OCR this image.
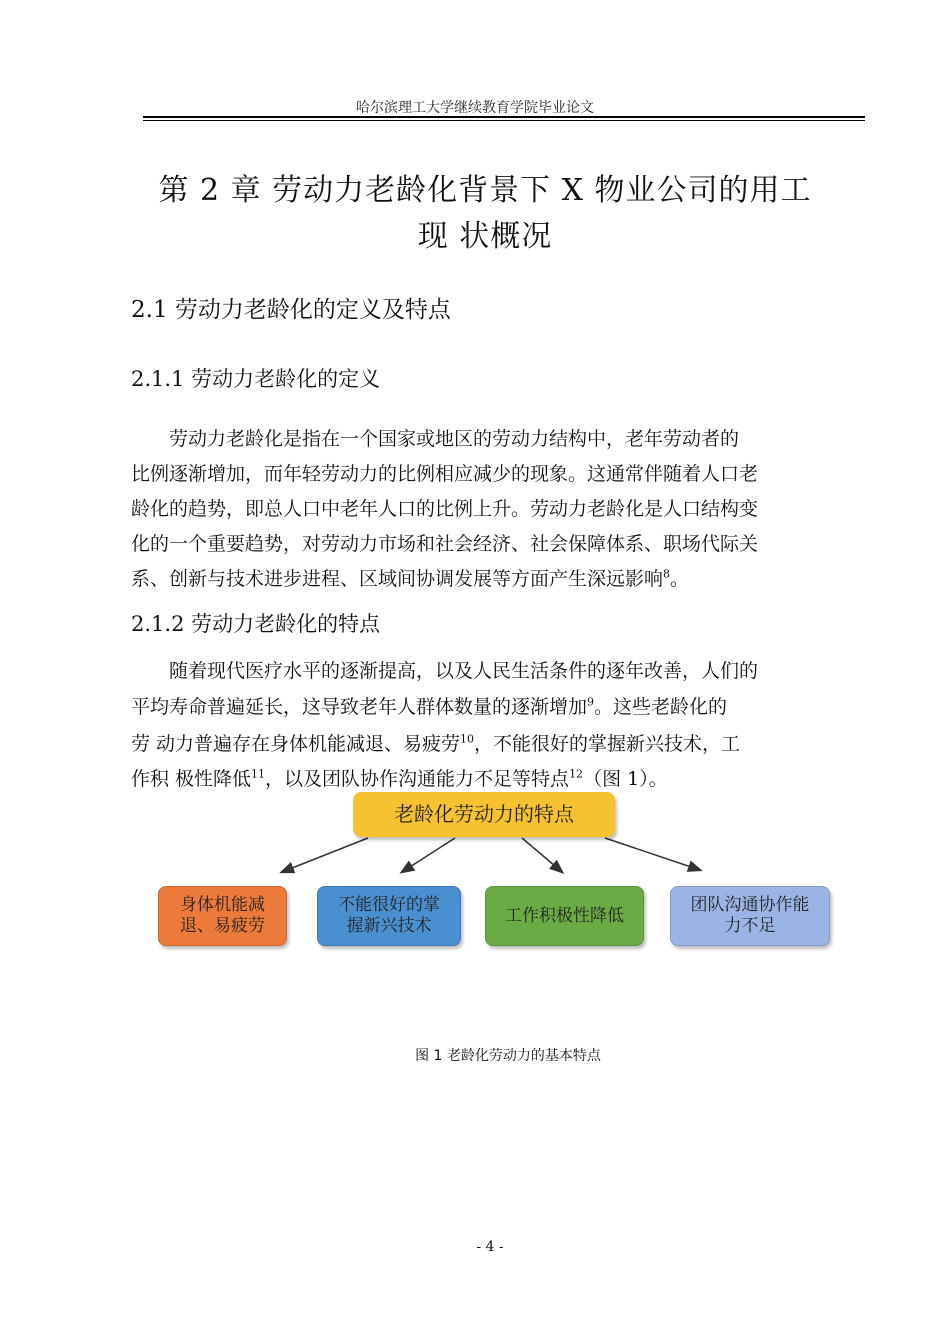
哈尔滨理工大学继续教育学院毕业论文
第 2 章 劳动力老龄化背景下 X 物业公司的用工
现 状概况
2.1 劳动力老龄化的定义及特点
2.1.1 劳动力老龄化的定义

　　劳动力老龄化是指在一个国家或地区的劳动力结构中，老年劳动者的

比例逐渐增加，而年轻劳动力的比例相应减少的现象。这通常伴随着人口老

龄化的趋势，即总人口中老年人口的比例上升。劳动力老龄化是人口结构变

化的一个重要趋势，对劳动力市场和社会经济、社会保障体系、职场代际关

系、创新与技术进步进程、区域间协调发展等方面产生深远影响$^8$。

2.1.2 劳动力老龄化的特点

　　随着现代医疗水平的逐渐提高，以及人民生活条件的逐年改善，人们的

平均寿命普遍延长，这导致老年人群体数量的逐渐增加$^9$。这些老龄化的

劳 动力普遍存在身体机能减退、易疲劳$^{10}$，不能很好的掌握新兴技术，工

作积 极性降低$^{11}$，以及团队协作沟通能力不足等特点$^{12}$（图 1）。

老龄化劳动力的特点
身体机能减
退、易疲劳
不能很好的掌
握新兴技术
工作积极性降低
团队沟通协作能
力不足
图 1 老龄化劳动力的基本特点
- 4 -
